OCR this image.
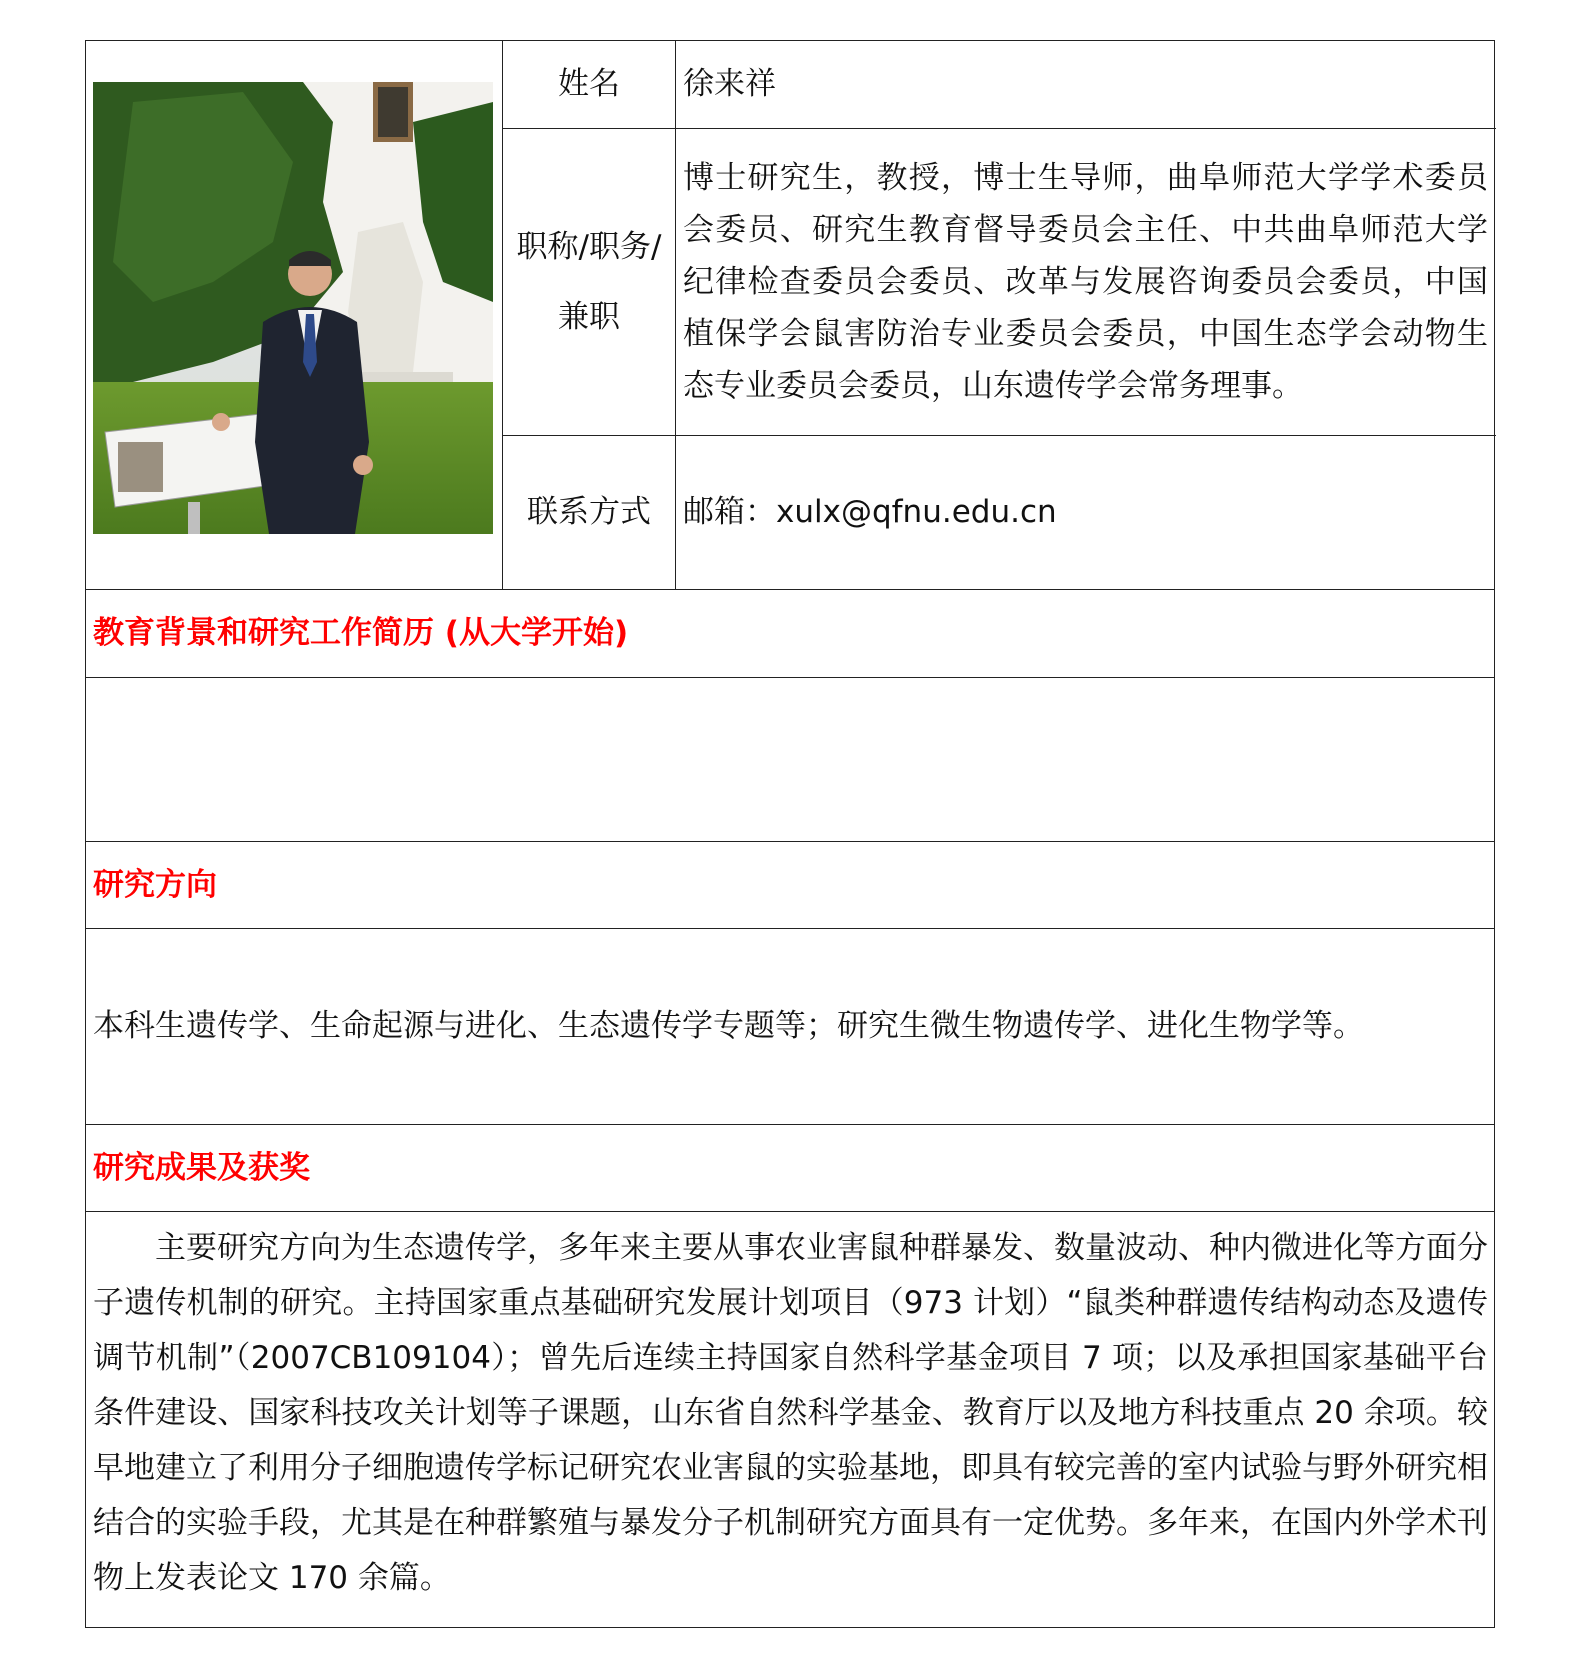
姓名	徐来祥
职称/职务/兼职
博士研究生，教授，博士生导师，曲阜师范大学学术委员会委员、研究生教育督导委员会主任、中共曲阜师范大学纪律检查委员会委员、改革与发展咨询委员会委员，中国植保学会鼠害防治专业委员会委员，中国生态学会动物生态专业委员会委员，山东遗传学会常务理事。
联系方式	邮箱：xulx@qfnu.edu.cn
教育背景和研究工作简历 (从大学开始)
研究方向
本科生遗传学、生命起源与进化、生态遗传学专题等；研究生微生物遗传学、进化生物学等。
研究成果及获奖
主要研究方向为生态遗传学，多年来主要从事农业害鼠种群暴发、数量波动、种内微进化等方面分子遗传机制的研究。主持国家重点基础研究发展计划项目（973 计划）“鼠类种群遗传结构动态及遗传调节机制”（2007CB109104）；曾先后连续主持国家自然科学基金项目 7 项；以及承担国家基础平台条件建设、国家科技攻关计划等子课题，山东省自然科学基金、教育厅以及地方科技重点 20 余项。较早地建立了利用分子细胞遗传学标记研究农业害鼠的实验基地，即具有较完善的室内试验与野外研究相结合的实验手段，尤其是在种群繁殖与暴发分子机制研究方面具有一定优势。多年来，在国内外学术刊物上发表论文 170 余篇。
